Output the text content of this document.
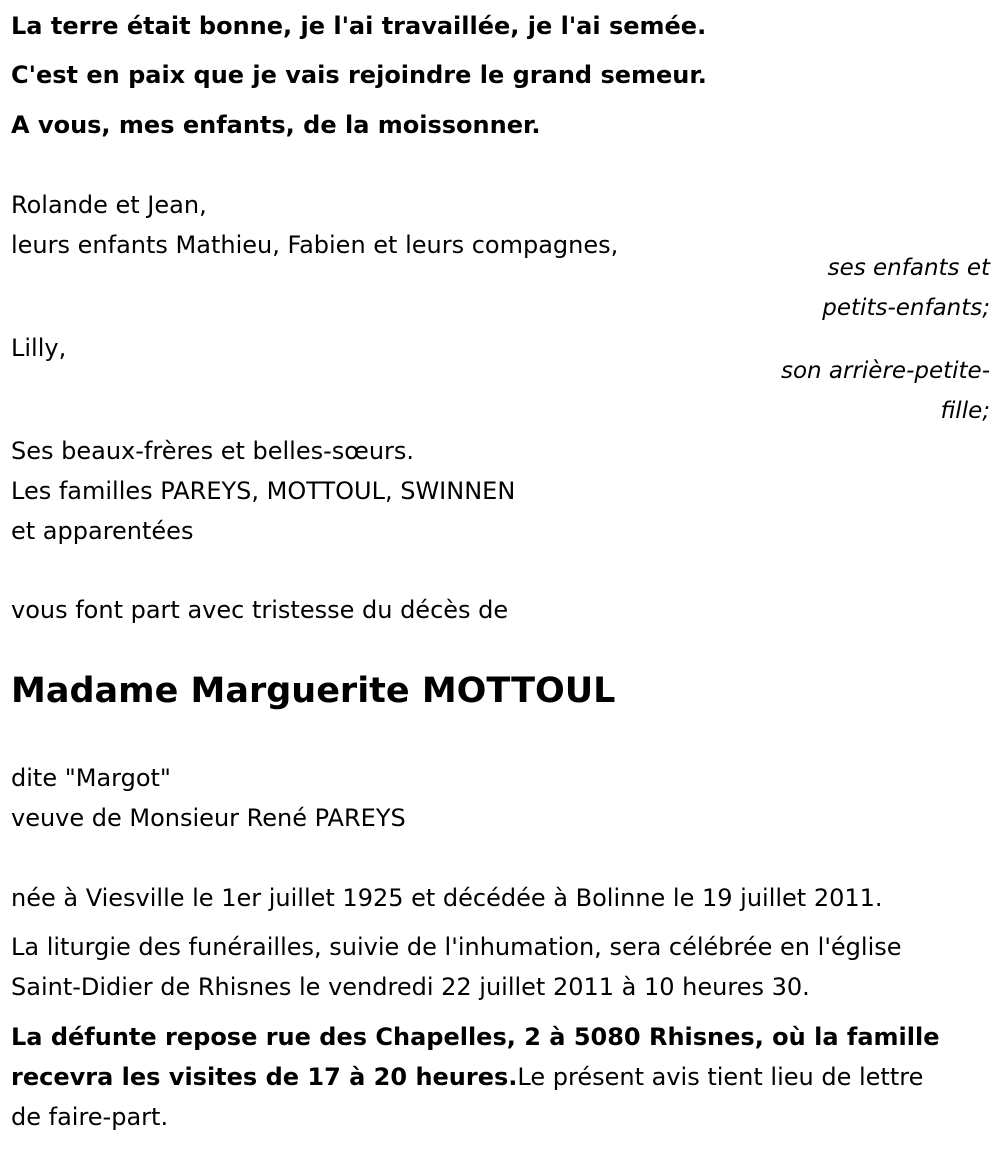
La terre était bonne, je l'ai travaillée, je l'ai semée.
C'est en paix que je vais rejoindre le grand semeur.
A vous, mes enfants, de la moissonner.
Rolande et Jean,
leurs enfants Mathieu, Fabien et leurs compagnes,
ses enfants et
petits-enfants;
Lilly,
son arrière-petite-
fille;
Ses beaux-frères et belles-sœurs.
Les familles PAREYS, MOTTOUL, SWINNEN
et apparentées
vous font part avec tristesse du décès de
Madame Marguerite MOTTOUL
dite "Margot"
veuve de Monsieur René PAREYS
née à Viesville le 1er juillet 1925 et décédée à Bolinne le 19 juillet 2011.
La liturgie des funérailles, suivie de l'inhumation, sera célébrée en l'église
Saint-Didier de Rhisnes le vendredi 22 juillet 2011 à 10 heures 30.
La défunte repose rue des Chapelles, 2 à 5080 Rhisnes, où la famille
recevra les visites de 17 à 20 heures.Le présent avis tient lieu de lettre
de faire-part.
